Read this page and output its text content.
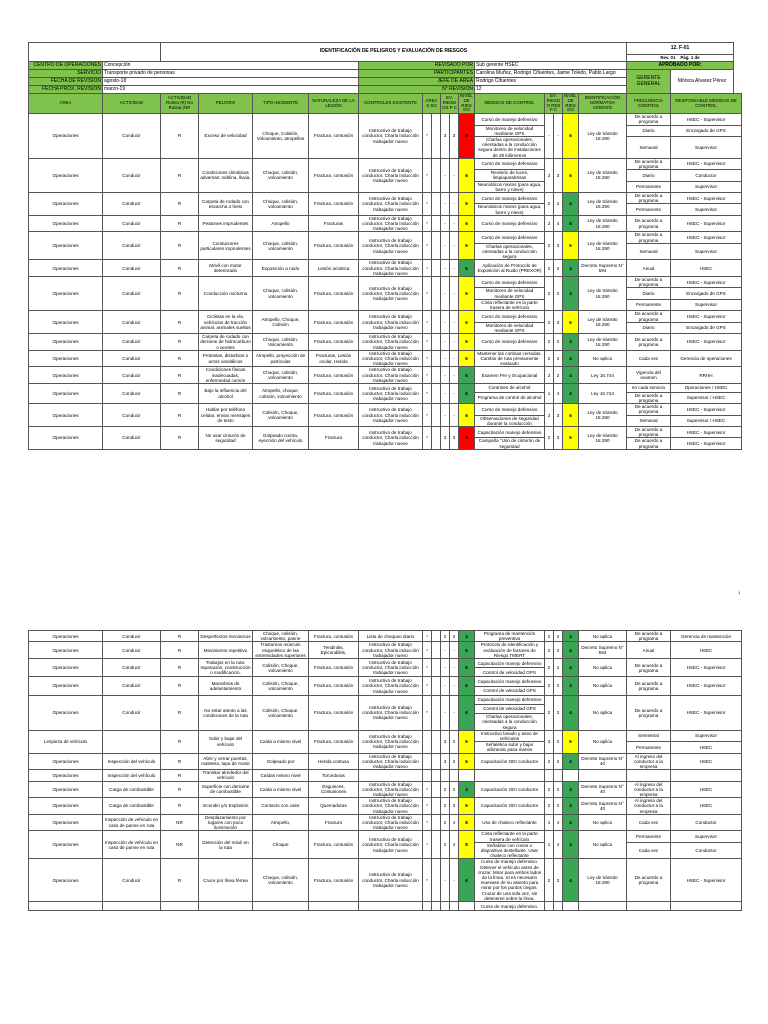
1
		IDENTIFICACIÓN DE PELIGROS Y EVALUACIÓN DE RIESGOS															12. F-01	
																	Rev. 01 Pág. 1 de	
CENTRO DE OPERACIONES	Concepción					REVISADO POR						Sub gerente HSEC					APROBADO POR:	
SERVICIO	Transporte privado de personas					PARTICIPANTES						Carolina Muñoz, Rodrigo Cifuentes, Jaime Toledo, Pablo Largo					GERENTE GENERAL	Mónica Alvarez Pérez
FECHA DE REVISIÓN	agosto-18					JEFE DE ÁREA						Rodrigo Cifuentes						
FECHA PROX. REVISIÓN	marzo-19					N° REVISIÓN						12						
ÁREA	ACTIVIDAD	ACTIVIDAD Rutina (R) No Rutina (NR	PELIGRO	TIPO INCIDENTE	NATURALEZA DE LA LESIÓN	CONTROLES EXISTENTE	ÁREA S SO		EV. RIESGOS P C		NIVEL DE RIESGO	MEDIDAS DE CONTROL	EV. RIESGO RES P C		NIVEL DE RIESGO	IDENTIFICACIÓN NORMATIVA VIGENTE	FRECUENCIA CONTROL	RESPONSABLE MEDIDAS DE CONTROL
Operaciones	Conducir	R	Exceso de velocidad	Choque, Colisión, Volcamiento, atropellos	Fractura, contusión	Instructivo de trabajo conductor, Charla inducción trabajador nuevo	*		3	3	9	Curso de manejo defensivo	-	-	6	Ley de tránsito 18.290	De acuerdo a programa	HSEC - Supervisor
												Monitoreo de velocidad mediante GPS					Diario	Encargado de GPS
												Charlas operacionales, orientadas a la conducción segura dentro de instalaciones de 30 kilómetros					Semanal	Supervisor
Operaciones	Conducir	R	Condiciones climáticas adversas: neblina, lluvia,	Choque, colisión, volcamiento	Fractura, contusión	Instructivo de trabajo conductor, Charla inducción trabajador nuevo	*		-	-	6	Curso de manejo defensivo	2	3	6	Ley de tránsito 18.290	De acuerdo a programa	HSEC - Supervisor
												Revisión de luces, limpiaparabrisas					Diario	Conductor
												Neumáticos mixtos (para agua, barro y nieve)					Permanente	Supervisor
Operaciones	Conducir	R	Carpeta de rodado con escarcha o hielo	Choque, colisión, volcamiento	Fractura, contusión	Instructivo de trabajo conductor, Charla inducción trabajador nuevo	*		-	-	6	Curso de manejo defensivo	2	2	4	Ley de tránsito 18.290	De acuerdo a programa	HSEC - Supervisor
												Neumáticos mixtos (para agua, barro y nieve)					Permanente	Supervisor
Operaciones	Conducir	R	Peatones imprudentes	Atropello	Fracturas	Instructivo de trabajo conductor, Charla inducción trabajador nuevo	*		-	-	6	Curso de manejo defensivo	2	4	8	Ley de tránsito 18.290	De acuerdo a programa	HSEC - Supervisor
Operaciones	Conducir	R	Conductores particulares imprudentes	Choque, colisión, volcamiento	Fractura, contusión	Instructivo de trabajo conductor, Charla inducción trabajador nuevo	*		-	-	6	Curso de manejo defensivo	2	3	6	Ley de tránsito 18.290	De acuerdo a programa	HSEC - Supervisor
												Charlas operacionales, orientadas a la conducción segura					Semanal	Supervisor
Operaciones	Conducir	R	Móvil con motor deteriorado	Exposición a ruido	Lesión acústica	Instructivo de trabajo conductor, Charla inducción trabajador nuevo	*		-	-	6	Aplicación de Protocolo de Exposición al Ruido (PREXOR)	2	2	4	Decreto Supremo N° 594	Anual	HSEC
Operaciones	Conducir	R	Conducción nocturna	Choque, colisión, volcamiento	Fractura, contusión	Instructivo de trabajo conductor, Charla inducción trabajador nuevo	*		-	-	6	Curso de manejo defensivo	2	2	4	Ley de tránsito 18.290	De acuerdo a programa	HSEC - Supervisor
												Monitoreo de velocidad mediante GPS					Diario	Encargado de GPS
												Cinta reflectante en la parte trasera de vehículo					Permanente	Supervisor
Operaciones	Conducir	R	Ciclistas en la vía, vehículos de tracción animal, animales sueltos	Atropello, Choque, Colisión	Fractura, contusión	Instructivo de trabajo conductor, Charla inducción trabajador nuevo	*		-	-	6	Curso de manejo defensivo	2	3	6	Ley de tránsito 18.290	De acuerdo a programa	HSEC - Supervisor
												Monitoreo de velocidad mediante GPS					Diario	Encargado de GPS
Operaciones	Conducir	R	Carpeta de rodado con derrame de hidrocarburo o aceites	Choque, colisión, Volcamiento	Fractura, contusión	Instructivo de trabajo conductor, Charla inducción trabajador nuevo	*		-	-	6	Curso de manejo defensivo	2	2	4	Ley de tránsito 18.290	De acuerdo a programa	HSEC - Supervisor
Operaciones	Conducir	R	Protestas, disturbios o actos vandálicos	Atropello, proyección de partículas	Fracturas, Lesión ocular, Herida	Instructivo de trabajo conductor, Charla inducción trabajador nuevo	*		-	-	6	Mantener las cortinas cerradas. Cambio de ruta previamente evaluado	2	2	4	No aplica	Cada vez	Gerencia de operaciones
Operaciones	Conducir	R	Condiciones físicas inadecuadas, enfermedad común	Choque, colisión, volcamiento	Fractura, contusión	Instructivo de trabajo conductor, Charla inducción trabajador nuevo	*		-	-	6	Examen Pre y Ocupacional	2	2	4	Ley 16.744	Vigencia del examen	RRHH
Operaciones	Conducir	R	Bajo la influencia del alcohol	Atropello, choque, colisión, volcamiento	Fractura, contusión	Instructivo de trabajo conductor, Charla inducción trabajador nuevo	*		-	-	6	Controles de alcohol	1	4	4	Ley 16.744	en cada servicio	Operaciones / HSEC
												Programa de control de alcohol					De acuerdo a programa	Supervisor / HSEC
Operaciones	Conducir	R	Hablar por teléfono celular, enviar mensajes de texto	Colisión, Choque, volcamiento	Fractura, contusión	Instructivo de trabajo conductor, Charla inducción trabajador nuevo	*		-	-	6	Curso de manejo defensivo	2	3	6	Ley de tránsito 18.290	De acuerdo a programa	HSEC - Supervisor
												Observaciones de seguridad durante la conducción					Semanal	Supervisor / HSEC
Operaciones	Conducir	R	No usar cinturón de seguridad	Golpeado contra, eyección del vehículo	Fractura	Instructivo de trabajo conductor, Charla inducción trabajador nuevo	*		3	3	9	Capacitación manejo defensivo	2	3	6	Ley de tránsito 18.290	De acuerdo a programa	HSEC - Supervisor
												Campaña "Uso de cinturón de seguridad					De acuerdo a programa	HSEC - Supervisor
Operaciones	Conducir	R	Desperfectos mecánicos	Choque, colisión, volcamiento, panne	Fractura, contusión	Lista de chequeo diario	*		2	2	4	Programa de mantención preventiva	2	2	4	No aplica	De acuerdo a programa	Gerencia de mantención
Operaciones	Conducir	R	Movimiento repetitivo	Trastornos músculo esquelético de las extremidades superiores	Tendinitis, Epicondilitis,	Instructivo de trabajo conductor, Charla inducción trabajador nuevo	*		-	-	6	Protocolo de Identificación y evaluación de factores de Riesgo TMERT	2	2	4	Decreto Supremo N° 594	Anual	HSEC
Operaciones	Conducir	R	Trabajos en la ruta: reparación, construcción o modificación.	Colisión, Choque, volcamiento	Fractura, contusión	Instructivo de trabajo conductor, Charla inducción trabajador nuevo	*		-	-	6	Capacitación manejo defensivo	2	2	4	No aplica	De acuerdo a programa	HSEC - Supervisor
												Control de velocidad GPS						
Operaciones	Conducir	R	Maniobras de adelantamiento	Colisión, Choque, volcamiento	Fractura, contusión	Instructivo de trabajo conductor, Charla inducción trabajador nuevo	*		-	-	6	Capacitación manejo defensivo	2	2	4	No aplica	De acuerdo a programa	HSEC - Supervisor
												Control de velocidad GPS						
Operaciones	Conducir	R	No estar atento a las condiciones de la ruta	Colisión, Choque, volcamiento	Fractura, contusión	Instructivo de trabajo conductor, Charla inducción trabajador nuevo	*		-	-	6	Capacitación manejo defensivo	2	2	4	No aplica	De acuerdo a programa	HSEC - Supervisor
												Control de velocidad GPS						
												Charlas operacionales, orientadas a la conducción segura						
Limpieza de vehículo		R	Subir y bajar del vehículo	Caída a mismo nivel	Fractura, contusión	Instructivo de trabajo conductor, Charla inducción trabajador nuevo			3	2	6	Instructivo lavado y aseo de vehículos	3	2	6	No aplica	Semestral	Supervisor
												Señalética subir y bajar utilizando pasa manos					Permanente	HSEC
Operaciones	Inspección del vehículo	R	Abrir y cerrar puertas, maletera, tapa de motor	Golpeado por	Herida contusa	Instructivo de trabajo conductor, Charla inducción trabajador nuevo			3	2	6	Capacitación ODI conductor	2	2	4	Decreto Supremo N° 40	Al ingreso del conductor a la empresa	HSEC
Operaciones	Inspección del vehículo	R	Transitar alrededor del vehículo	Caídas mismo nivel	Torceduras													
Operaciones	Carga de combustible	R	Superficie con derrame de combustible	Caída a mismo nivel	Esguinces, Contusiones	Instructivo de trabajo conductor, Charla inducción trabajador nuevo	*		2	2	4	Capacitación ODI conductor	2	2	4	Decreto Supremo N° 40	Al ingreso del conductor a la empresa	HSEC
Operaciones	Carga de combustible	R	Incendio y/o Explosión	Contacto con calor	Quemaduras	Instructivo de trabajo conductor, Charla inducción trabajador nuevo	*		2	3	6	Capacitación ODI conductor	2	2	4	Decreto Supremo N° 40	Al ingreso del conductor a la empresa	HSEC
Operaciones	Inspección de vehículo en caso de panne en ruta	NR	Desplazamiento por lugares con poca iluminación	Atropello,	Fractura	Instructivo de trabajo conductor, Charla inducción trabajador nuevo	*		2	4	8	Uso de chaleco reflectante	1	4	4	No aplica	Cada vez	Conductor
Operaciones	Inspección de vehículo en caso de panne en ruta	NR	Detención del móvil en la ruta	Choque	Fractura, contusión	Instructivo de trabajo conductor, Charla inducción trabajador nuevo	*		2	4	8	Cinta reflectante en la parte trasera de vehículo	1	4	4	No aplica	Permanente	Supervisor
												Señalizar con conos o dispositivo destellante. Usar chaleco reflectante					Cada vez	Conductor
Operaciones	Conducir	R	Cruce por línea férrea	Choque, colisión, volcamiento	Fractura, contusión	Instructivo de trabajo conductor, Charla inducción trabajador nuevo	*		-	-	6	Curso de manejo defensivo. Detener el vehículo antes de cruzar. Mirar para ambos lados de la línea. Si es necesario muevase de su asiento para mirar por los puntos ciegos. Cruzar de una sola vez, sin detenerse sobre la línea.	2	2	4	Ley de tránsito 18.290	De acuerdo a programa	HSEC - Supervisor
												Curso de manejo defensivo.						
